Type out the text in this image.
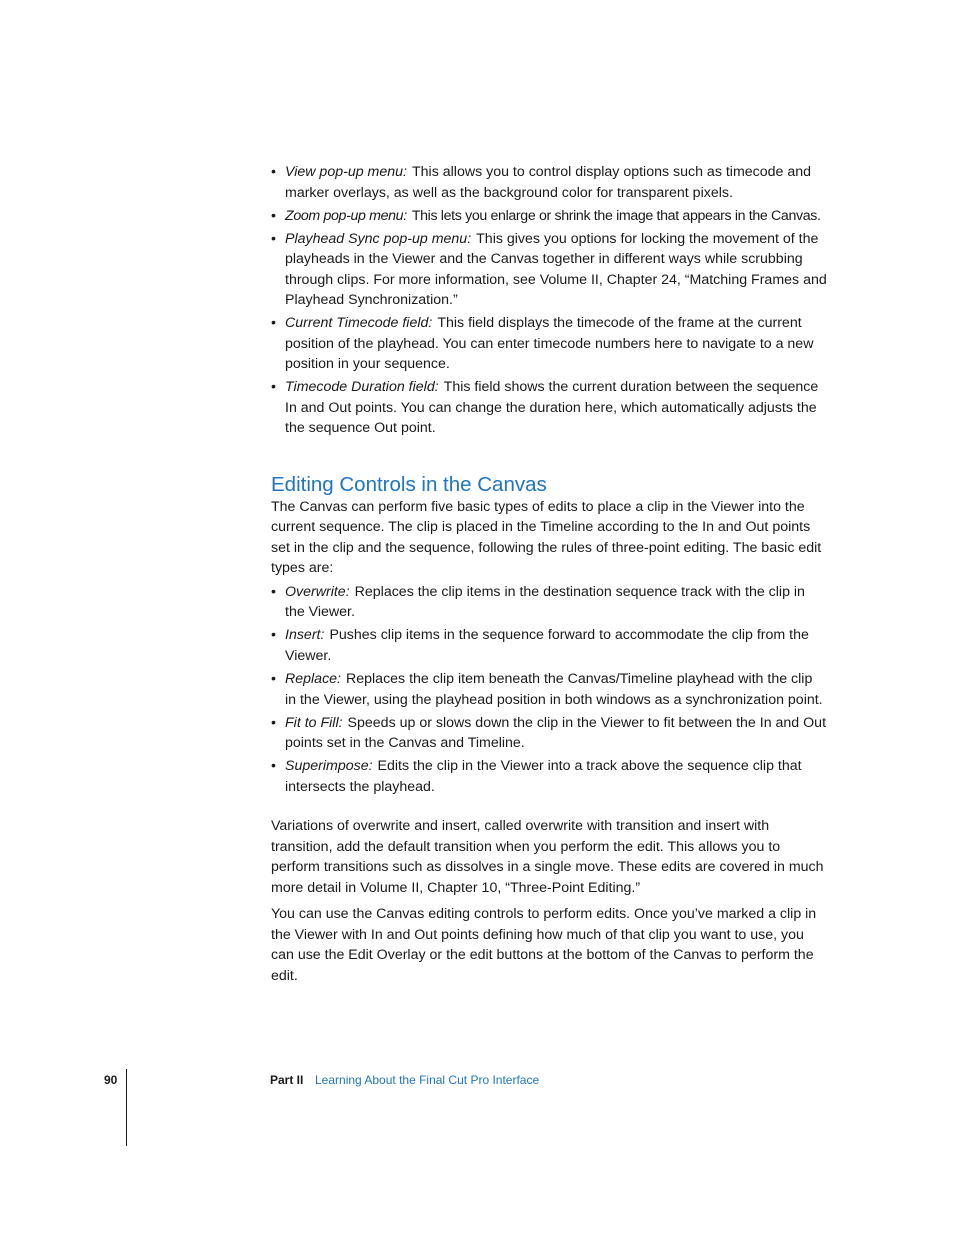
• View pop-up menu: This allows you to control display options such as timecode and marker overlays, as well as the background color for transparent pixels.
• Zoom pop-up menu: This lets you enlarge or shrink the image that appears in the Canvas.
• Playhead Sync pop-up menu: This gives you options for locking the movement of the playheads in the Viewer and the Canvas together in different ways while scrubbing through clips. For more information, see Volume II, Chapter 24, “Matching Frames and Playhead Synchronization.”
• Current Timecode field: This field displays the timecode of the frame at the current position of the playhead. You can enter timecode numbers here to navigate to a new position in your sequence.
• Timecode Duration field: This field shows the current duration between the sequence In and Out points. You can change the duration here, which automatically adjusts the the sequence Out point.
Editing Controls in the Canvas

The Canvas can perform five basic types of edits to place a clip in the Viewer into the current sequence. The clip is placed in the Timeline according to the In and Out points set in the clip and the sequence, following the rules of three-point editing. The basic edit types are:

• Overwrite: Replaces the clip items in the destination sequence track with the clip in the Viewer.
• Insert: Pushes clip items in the sequence forward to accommodate the clip from the Viewer.
• Replace: Replaces the clip item beneath the Canvas/Timeline playhead with the clip in the Viewer, using the playhead position in both windows as a synchronization point.
• Fit to Fill: Speeds up or slows down the clip in the Viewer to fit between the In and Out points set in the Canvas and Timeline.
• Superimpose: Edits the clip in the Viewer into a track above the sequence clip that intersects the playhead.

Variations of overwrite and insert, called overwrite with transition and insert with transition, add the default transition when you perform the edit. This allows you to perform transitions such as dissolves in a single move. These edits are covered in much more detail in Volume II, Chapter 10, “Three-Point Editing.”

You can use the Canvas editing controls to perform edits. Once you’ve marked a clip in the Viewer with In and Out points defining how much of that clip you want to use, you can use the Edit Overlay or the edit buttons at the bottom of the Canvas to perform the edit.

90	Part II Learning About the Final Cut Pro Interface
